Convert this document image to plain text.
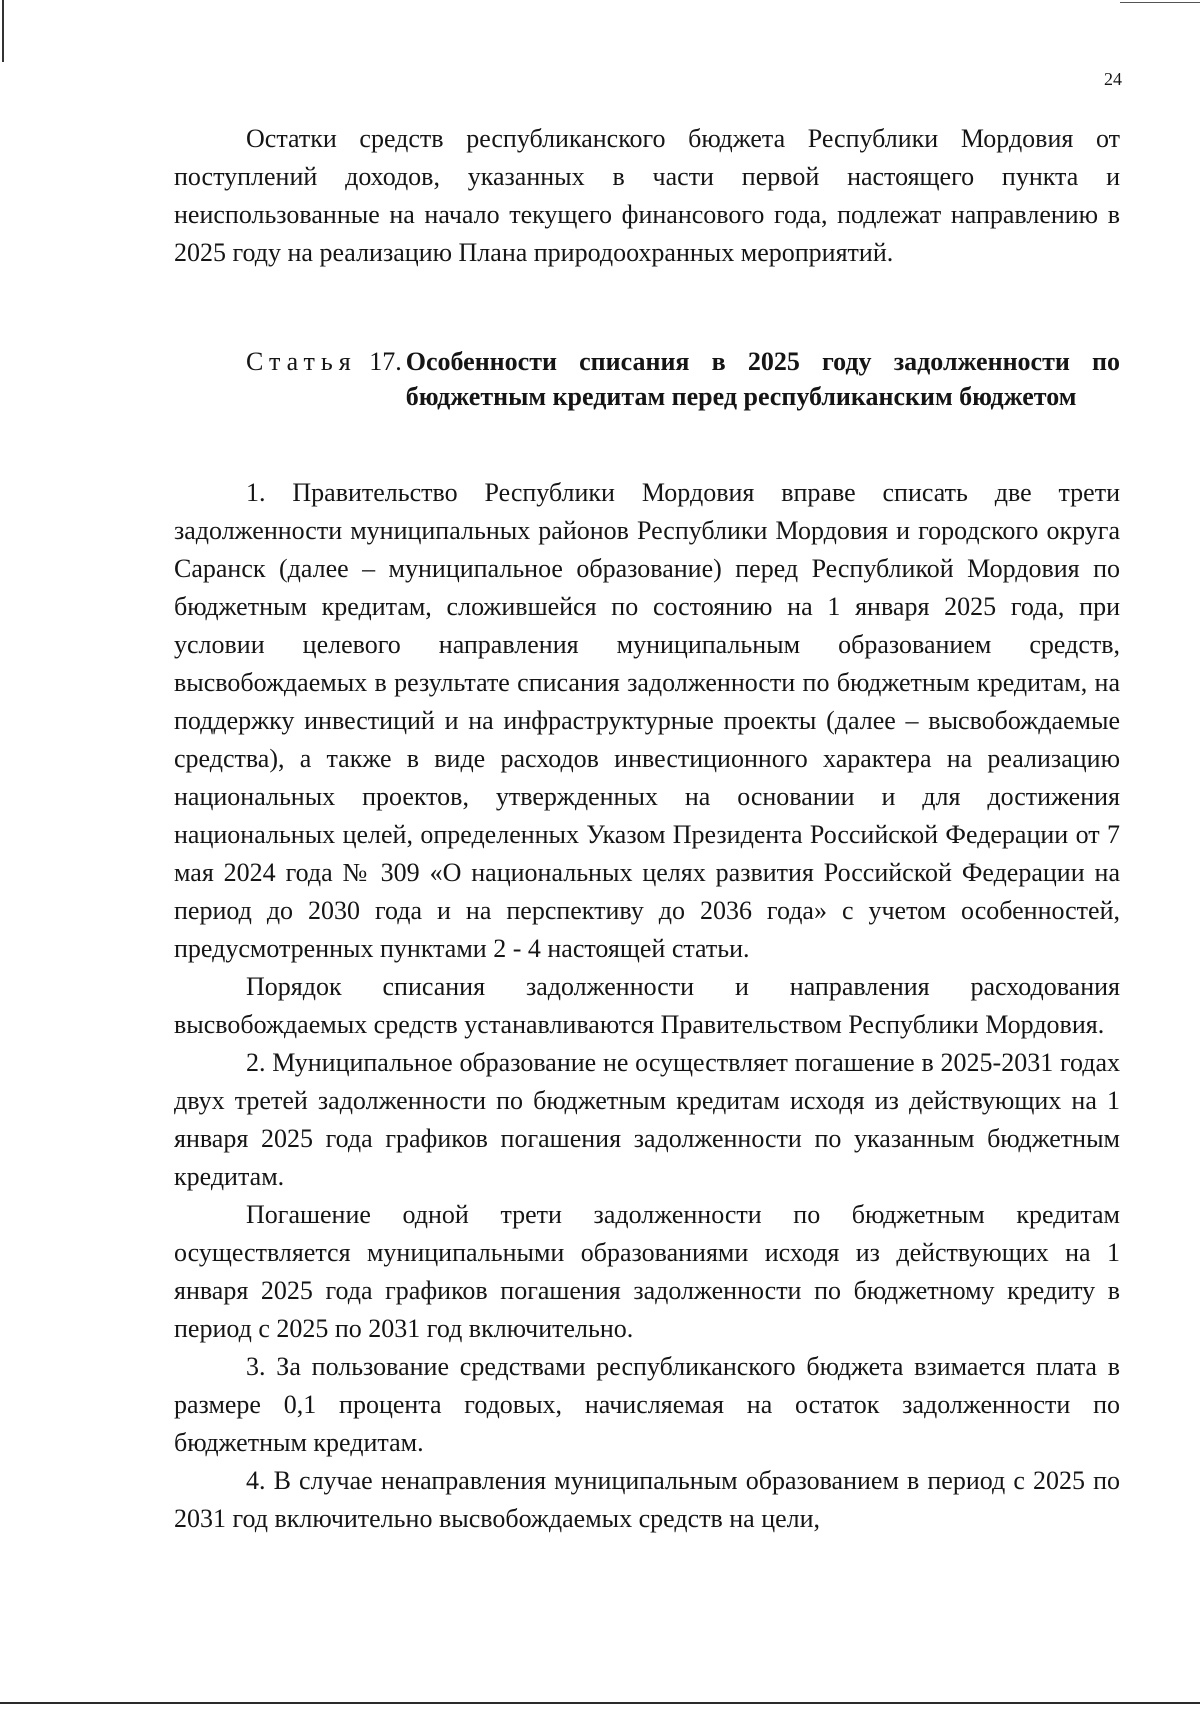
24

Остатки средств республиканского бюджета Республики Мордовия от поступлений доходов, указанных в части первой настоящего пункта и неиспользованные на начало текущего финансового года, подлежат направлению в 2025 году на реализацию Плана природоохранных мероприятий.

Статья 17. Особенности списания в 2025 году задолженности по бюджетным кредитам перед республиканским бюджетом

1. Правительство Республики Мордовия вправе списать две трети задолженности муниципальных районов Республики Мордовия и городского округа Саранск (далее – муниципальное образование) перед Республикой Мордовия по бюджетным кредитам, сложившейся по состоянию на 1 января 2025 года, при условии целевого направления муниципальным образованием средств, высвобождаемых в результате списания задолженности по бюджетным кредитам, на поддержку инвестиций и на инфраструктурные проекты (далее – высвобождаемые средства), а также в виде расходов инвестиционного характера на реализацию национальных проектов, утвержденных на основании и для достижения национальных целей, определенных Указом Президента Российской Федерации от 7 мая 2024 года № 309 «О национальных целях развития Российской Федерации на период до 2030 года и на перспективу до 2036 года» с учетом особенностей, предусмотренных пунктами 2 - 4 настоящей статьи.

Порядок списания задолженности и направления расходования высвобождаемых средств устанавливаются Правительством Республики Мордовия.

2. Муниципальное образование не осуществляет погашение в 2025-2031 годах двух третей задолженности по бюджетным кредитам исходя из действующих на 1 января 2025 года графиков погашения задолженности по указанным бюджетным кредитам.

Погашение одной трети задолженности по бюджетным кредитам осуществляется муниципальными образованиями исходя из действующих на 1 января 2025 года графиков погашения задолженности по бюджетному кредиту в период с 2025 по 2031 год включительно.

3. За пользование средствами республиканского бюджета взимается плата в размере 0,1 процента годовых, начисляемая на остаток задолженности по бюджетным кредитам.

4. В случае ненаправления муниципальным образованием в период с 2025 по 2031 год включительно высвобождаемых средств на цели,
